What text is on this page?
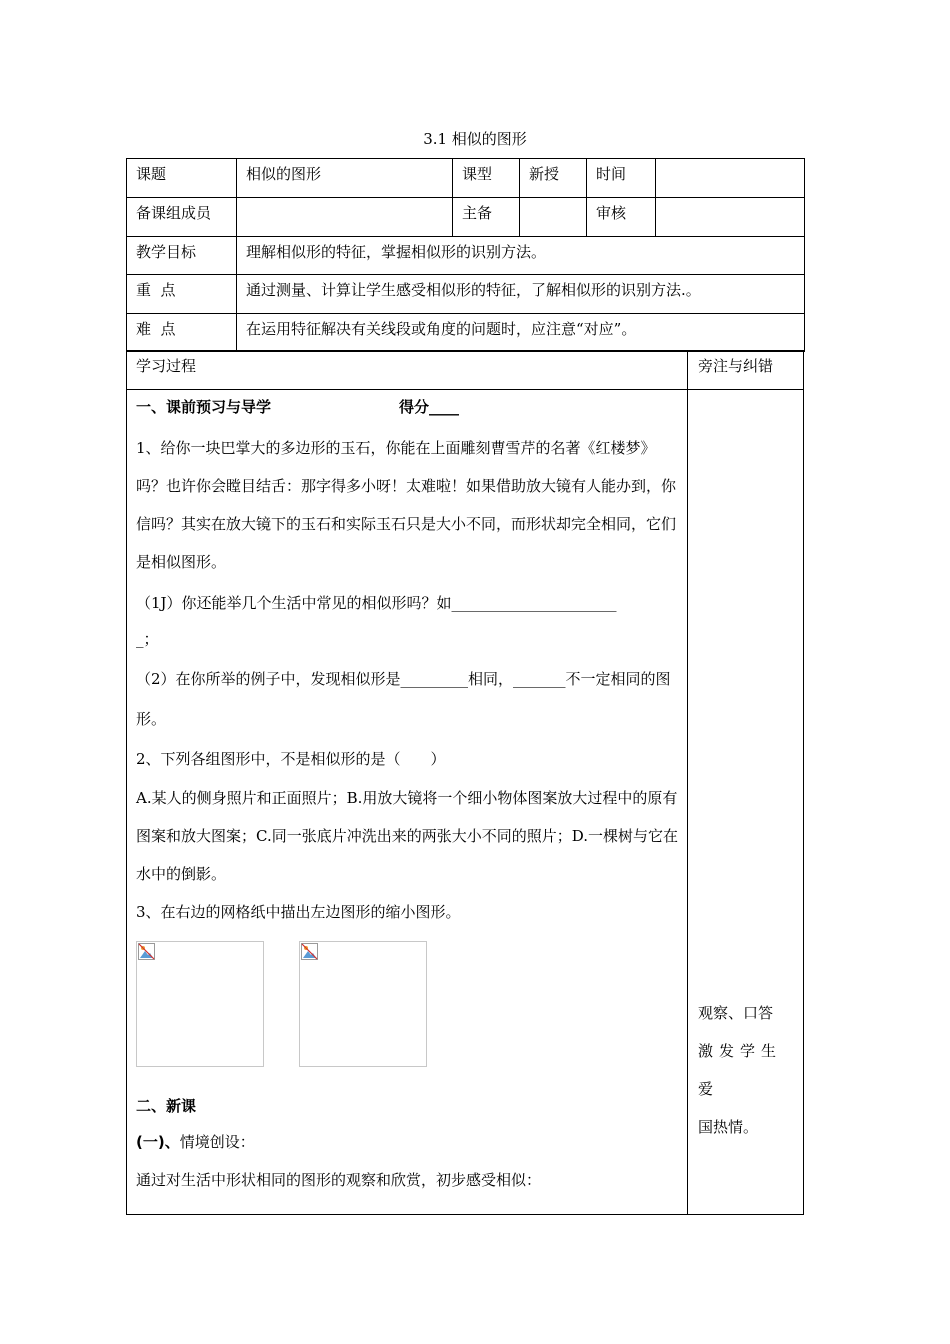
3.1 相似的图形
课题	相似的图形	课型	新授	时间	
备课组成员		主备		审核	
教学目标	理解相似形的特征，掌握相似形的识别方法。				
重  点	通过测量、计算让学生感受相似形的特征，了解相似形的识别方法.。				
难  点	在运用特征解决有关线段或角度的问题时，应注意“对应”。				
学习过程	旁注与纠错

一、课前预习与导学	得分____

1、给你一块巴掌大的多边形的玉石，你能在上面雕刻曹雪芹的名著《红楼梦》吗？也许你会瞠目结舌：那字得多小呀！太难啦！如果借助放大镜有人能办到，你信吗？其实在放大镜下的玉石和实际玉石只是大小不同，而形状却完全相同，它们是相似图形。

（1J）你还能举几个生活中常见的相似形吗？如______________________

_；

（2）在你所举的例子中，发现相似形是_________相同，_______不一定相同的图形。

2、下列各组图形中，不是相似形的是（　　）

A.某人的侧身照片和正面照片；B.用放大镜将一个细小物体图案放大过程中的原有图案和放大图案；C.同一张底片冲洗出来的两张大小不同的照片；D.一棵树与它在水中的倒影。

3、在右边的网格纸中描出左边图形的缩小图形。

二、新课

(一)、情境创设：

通过对生活中形状相同的图形的观察和欣赏，初步感受相似：

观察、口答
激发学生爱
国热情。
